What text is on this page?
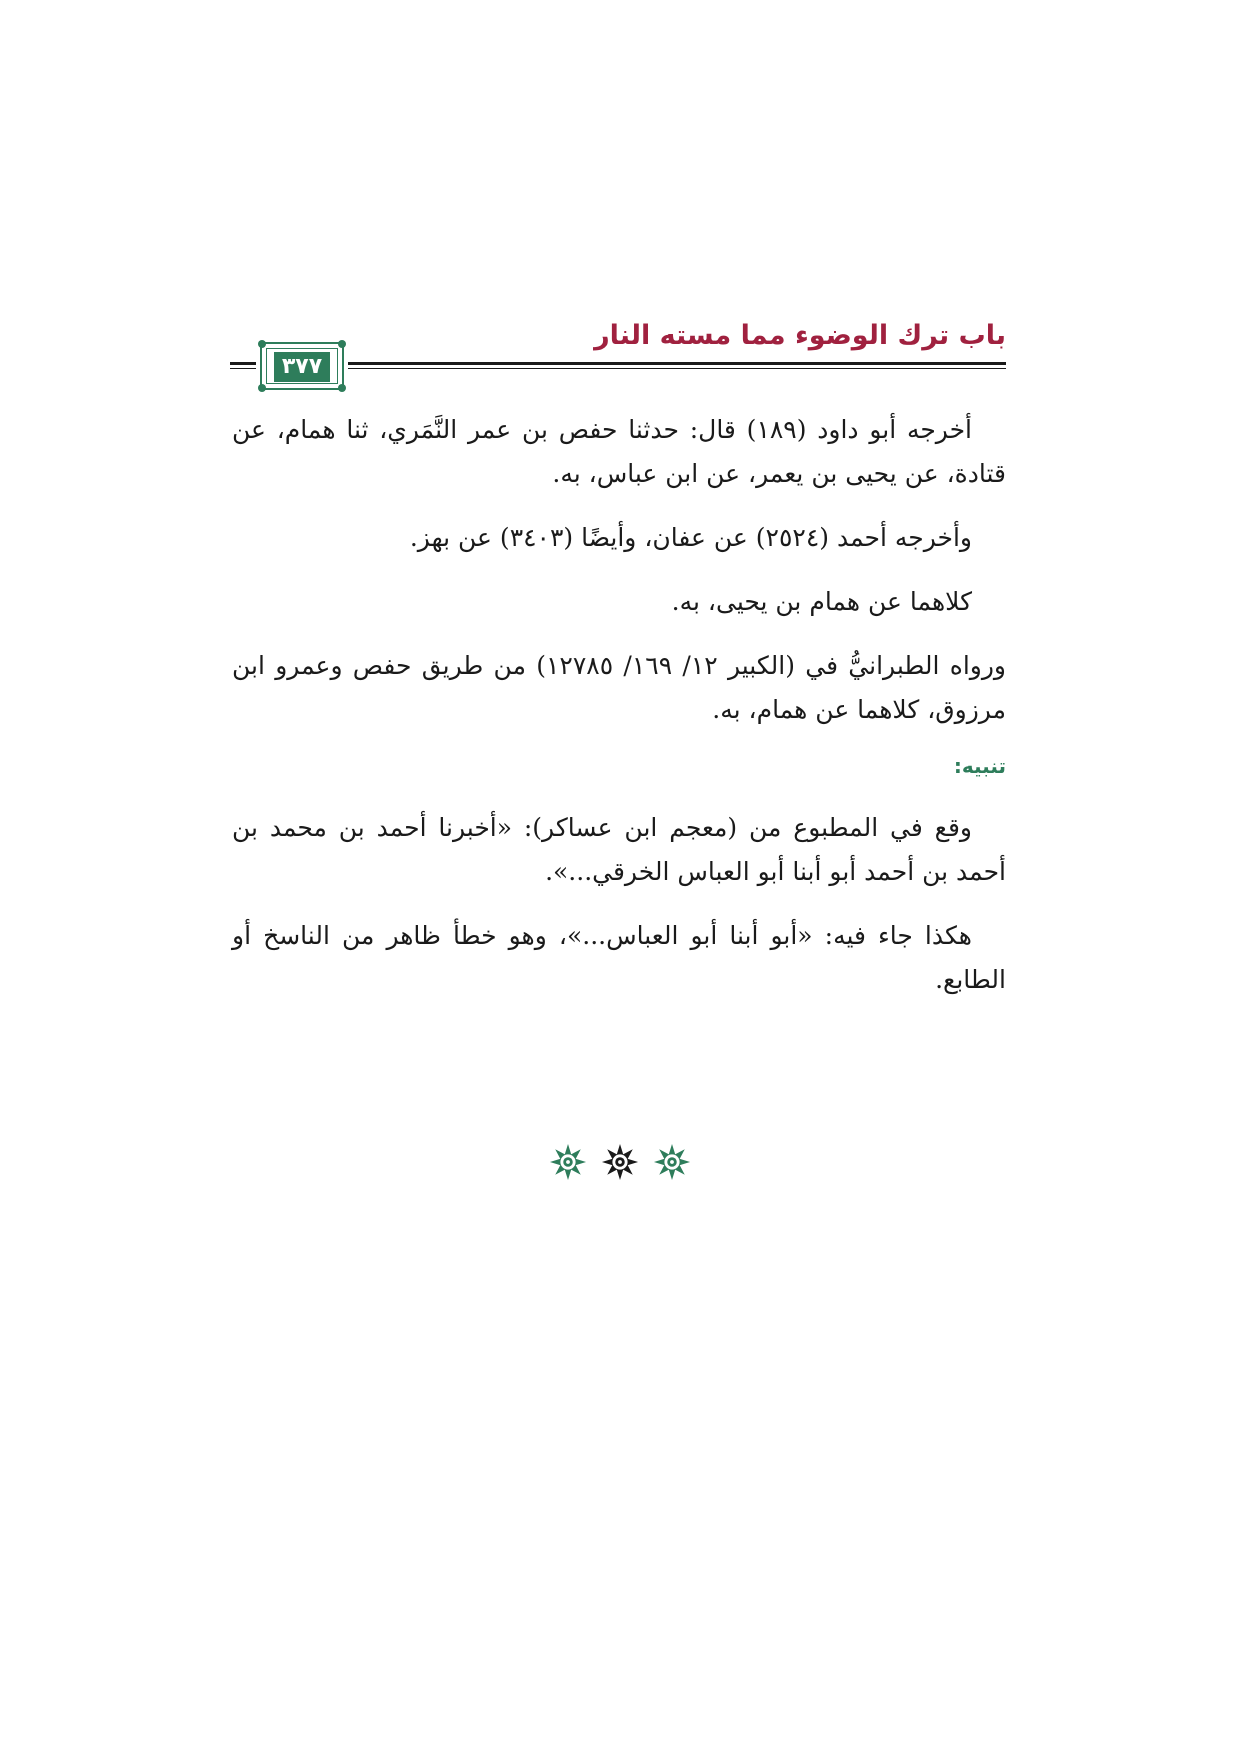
باب ترك الوضوء مما مسته النار
٣٧٧

أخرجه أبو داود (١٨٩) قال: حدثنا حفص بن عمر النَّمَري، ثنا همام، عن قتادة، عن يحيى بن يعمر، عن ابن عباس، به.

وأخرجه أحمد (٢٥٢٤) عن عفان، وأيضًا (٣٤٠٣) عن بهز.

كلاهما عن همام بن يحيى، به.

ورواه الطبرانيُّ في (الكبير ١٢/ ١٦٩/ ١٢٧٨٥) من طريق حفص وعمرو ابن مرزوق، كلاهما عن همام، به.

تنبيه:

وقع في المطبوع من (معجم ابن عساكر): «أخبرنا أحمد بن محمد بن أحمد بن أحمد أبو أبنا أبو العباس الخرقي...».

هكذا جاء فيه: «أبو أبنا أبو العباس...»، وهو خطأ ظاهر من الناسخ أو الطابع.
